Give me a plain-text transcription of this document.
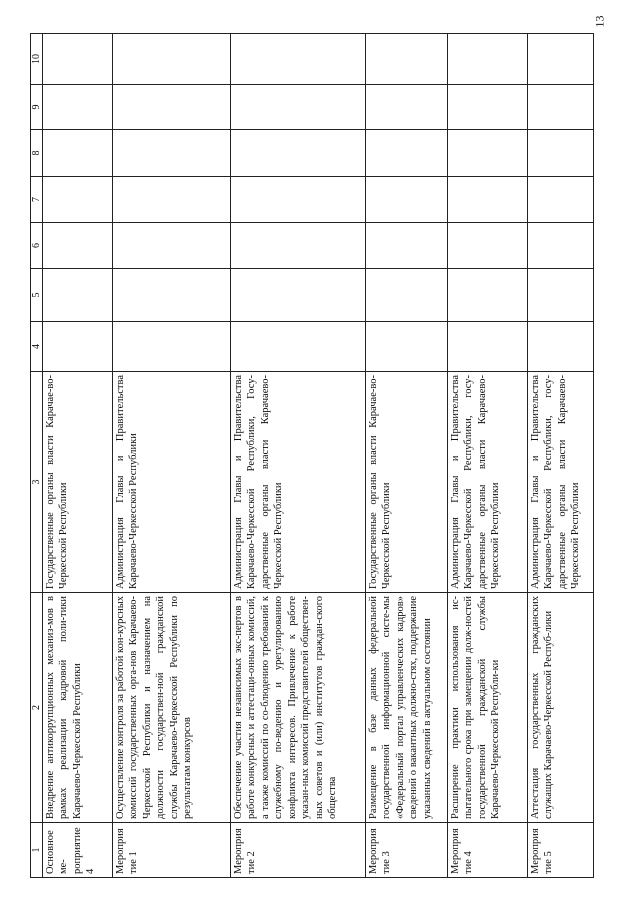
13
1	2	3	4	5	6	7	8	9	10
Основное ме-роприятие 4	Внедрение антикоррупционных механиз-мов в рамках реализации кадровой поли-тики Карачаево-Черкесской Республики	Государственные органы власти Карачае-во-Черкесской Республики							
Мероприятие 1	Осуществление контроля за работой кон-курсных комиссий государственных орга-нов Карачаево-Черкесской Республики и назначением на должности государствен-ной гражданской службы Карачаево-Черкесской Республики по результатам конкурсов	Администрация Главы и Правительства Карачаево-Черкесской Республики							
Мероприятие 2	Обеспечение участия независимых экс-пертов в работе конкурсных и аттестаци-онных комиссий, а также комиссий по со-блюдению требований к служебному по-ведению и урегулированию конфликта интересов. Привлечение к работе указан-ных комиссий представителей обществен-ных советов и (или) институтов граждан-ского общества	Администрация Главы и Правительства Карачаево-Черкесской Республики, Госу-дарственные органы власти Карачаево-Черкесской Республики							
Мероприятие 3	Размещение в базе данных федеральной государственной информационной систе-мы «Федеральный портал управленческих кадров» сведений о вакантных должно-стях, поддержание указанных сведений в актуальном состоянии	Государственные органы власти Карачае-во-Черкесской Республики							
Мероприятие 4	Расширение практики использования ис-пытательного срока при замещении долж-ностей государственной гражданской службы Карачаево-Черкесской Республи-ки	Администрация Главы и Правительства Карачаево-Черкесской Республики, госу-дарственные органы власти Карачаево-Черкесской Республики							
Мероприятие 5	Аттестация государственных гражданских служащих Карачаево-Черкесской Респуб-лики	Администрация Главы и Правительства Карачаево-Черкесской Республики, госу-дарственные органы власти Карачаево-Черкесской Республики							
